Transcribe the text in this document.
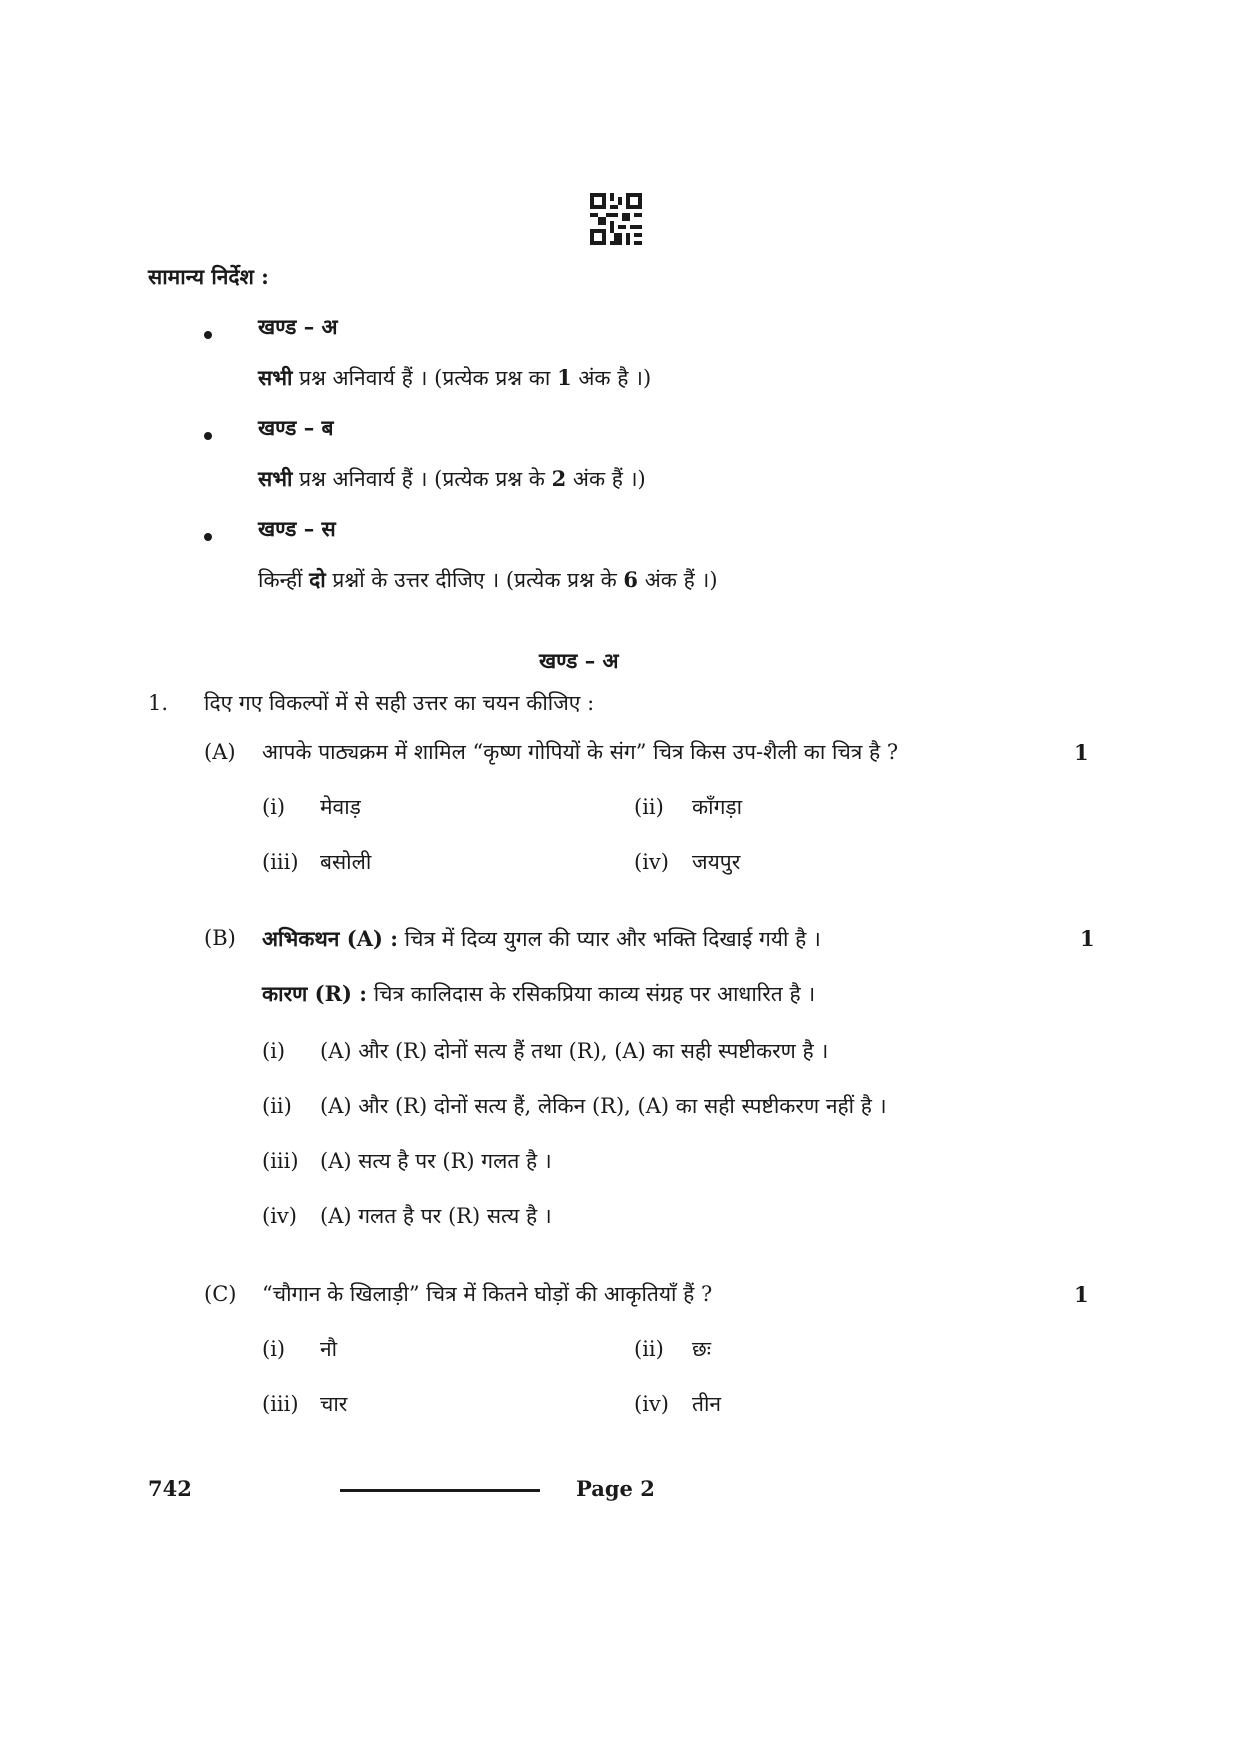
सामान्य निर्देश :
खण्ड – अ
सभी प्रश्न अनिवार्य हैं । (प्रत्येक प्रश्न का 1 अंक है ।)
खण्ड – ब
सभी प्रश्न अनिवार्य हैं । (प्रत्येक प्रश्न के 2 अंक हैं ।)
खण्ड – स
किन्हीं दो प्रश्नों के उत्तर दीजिए । (प्रत्येक प्रश्न के 6 अंक हैं ।)
खण्ड – अ
1. दिए गए विकल्पों में से सही उत्तर का चयन कीजिए :
(A) आपके पाठ्यक्रम में शामिल “कृष्ण गोपियों के संग” चित्र किस उप-शैली का चित्र है ?	1
(i) मेवाड़	(ii) काँगड़ा
(iii) बसोली	(iv) जयपुर
(B) अभिकथन (A) : चित्र में दिव्य युगल की प्यार और भक्ति दिखाई गयी है ।	1
कारण (R) : चित्र कालिदास के रसिकप्रिया काव्य संग्रह पर आधारित है ।
(i) (A) और (R) दोनों सत्य हैं तथा (R), (A) का सही स्पष्टीकरण है ।
(ii) (A) और (R) दोनों सत्य हैं, लेकिन (R), (A) का सही स्पष्टीकरण नहीं है ।
(iii) (A) सत्य है पर (R) गलत है ।
(iv) (A) गलत है पर (R) सत्य है ।
(C) “चौगान के खिलाड़ी” चित्र में कितने घोड़ों की आकृतियाँ हैं ?	1
(i) नौ	(ii) छः
(iii) चार	(iv) तीन
742	Page 2
